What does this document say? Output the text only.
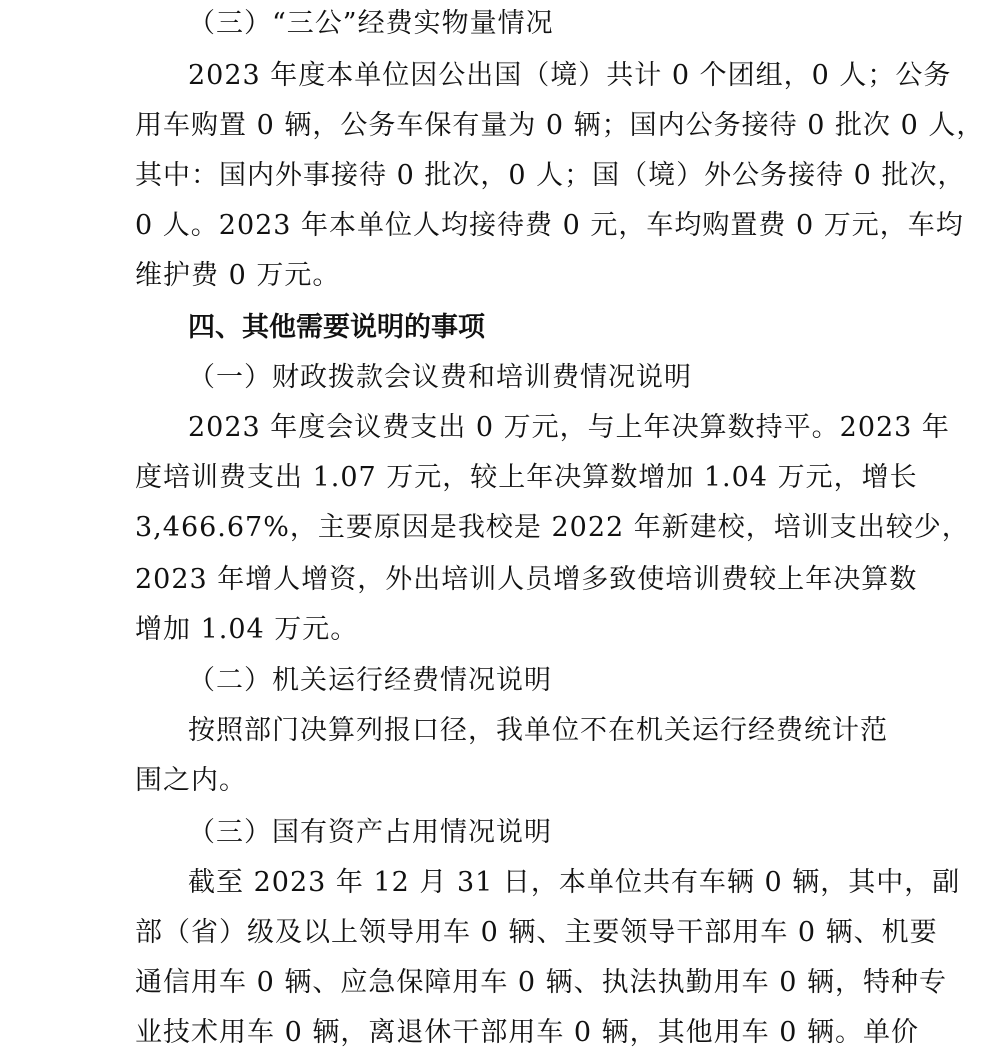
（三）“三公”经费实物量情况
2023 年度本单位因公出国（境）共计 0 个团组，0 人；公务
用车购置 0 辆，公务车保有量为 0 辆；国内公务接待 0 批次 0 人，
其中：国内外事接待 0 批次，0 人；国（境）外公务接待 0 批次，
0 人。2023 年本单位人均接待费 0 元，车均购置费 0 万元，车均
维护费 0 万元。
四、其他需要说明的事项
（一）财政拨款会议费和培训费情况说明
2023 年度会议费支出 0 万元，与上年决算数持平。2023 年
度培训费支出 1.07 万元，较上年决算数增加 1.04 万元，增长
3,466.67%，主要原因是我校是 2022 年新建校，培训支出较少，
2023 年增人增资，外出培训人员增多致使培训费较上年决算数
增加 1.04 万元。
（二）机关运行经费情况说明
按照部门决算列报口径，我单位不在机关运行经费统计范
围之内。
（三）国有资产占用情况说明
截至 2023 年 12 月 31 日，本单位共有车辆 0 辆，其中，副
部（省）级及以上领导用车 0 辆、主要领导干部用车 0 辆、机要
通信用车 0 辆、应急保障用车 0 辆、执法执勤用车 0 辆，特种专
业技术用车 0 辆，离退休干部用车 0 辆，其他用车 0 辆。单价
